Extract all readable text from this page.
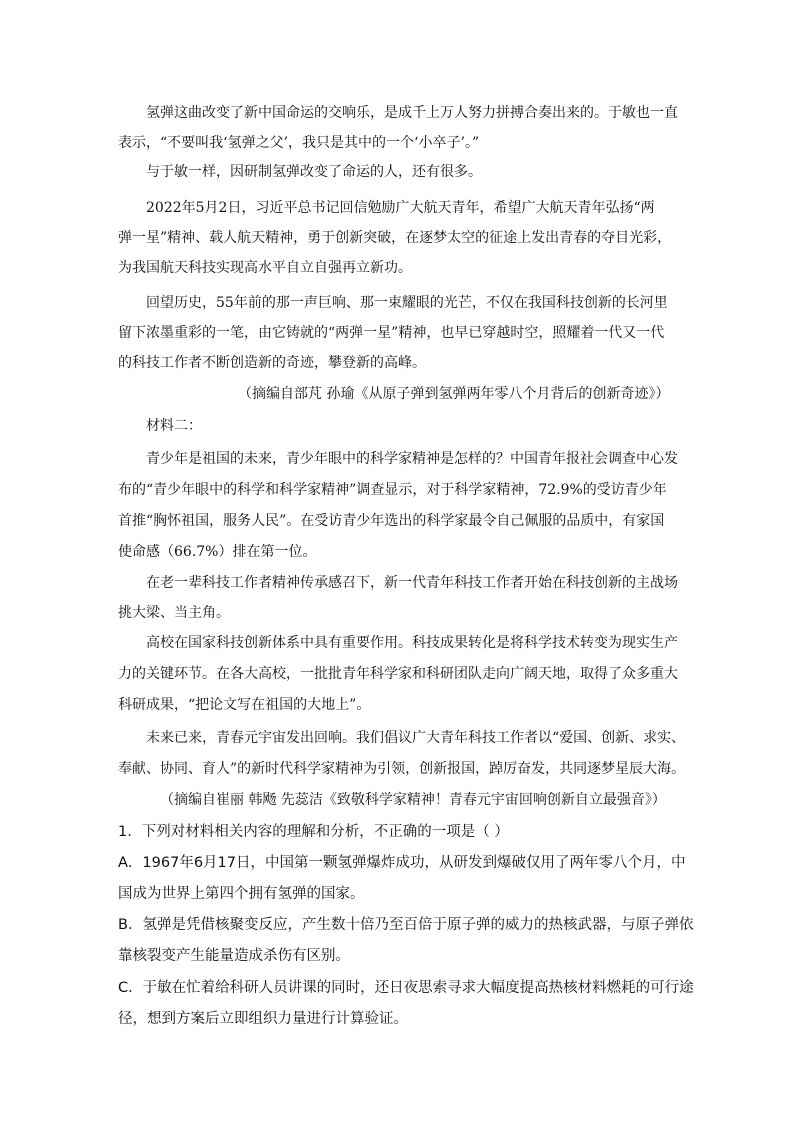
氢弹这曲改变了新中国命运的交响乐，是成千上万人努力拼搏合奏出来的。于敏也一直
表示，“不要叫我‘氢弹之父’，我只是其中的一个‘小卒子’。”
与于敏一样，因研制氢弹改变了命运的人，还有很多。
2022年5月2日，习近平总书记回信勉励广大航天青年，希望广大航天青年弘扬“两
弹一星”精神、载人航天精神，勇于创新突破，在逐梦太空的征途上发出青春的夺目光彩，
为我国航天科技实现高水平自立自强再立新功。
回望历史，55年前的那一声巨响、那一束耀眼的光芒，不仅在我国科技创新的长河里
留下浓墨重彩的一笔，由它铸就的“两弹一星”精神，也早已穿越时空，照耀着一代又一代
的科技工作者不断创造新的奇迹，攀登新的高峰。
（摘编自部芃 孙瑜《从原子弹到氢弹两年零八个月背后的创新奇迹》）
材料二：
青少年是祖国的未来，青少年眼中的科学家精神是怎样的？中国青年报社会调查中心发
布的“青少年眼中的科学和科学家精神”调查显示，对于科学家精神，72.9%的受访青少年
首推“胸怀祖国，服务人民”。在受访青少年选出的科学家最令自己佩服的品质中，有家国
使命感（66.7%）排在第一位。
在老一辈科技工作者精神传承感召下，新一代青年科技工作者开始在科技创新的主战场
挑大梁、当主角。
高校在国家科技创新体系中具有重要作用。科技成果转化是将科学技术转变为现实生产
力的关键环节。在各大高校，一批批青年科学家和科研团队走向广阔天地，取得了众多重大
科研成果，“把论文写在祖国的大地上”。
未来已来，青春元宇宙发出回响。我们倡议广大青年科技工作者以“爱国、创新、求实、
奉献、协同、育人”的新时代科学家精神为引领，创新报国，踔厉奋发，共同逐梦星辰大海。
（摘编自崔丽 韩飏 先蕊洁《致敬科学家精神！青春元宇宙回响创新自立最强音》）
1．下列对材料相关内容的理解和分析，不正确的一项是（ ）
A．1967年6月17日，中国第一颗氢弹爆炸成功，从研发到爆破仅用了两年零八个月，中
国成为世界上第四个拥有氢弹的国家。
B．氢弹是凭借核聚变反应，产生数十倍乃至百倍于原子弹的威力的热核武器，与原子弹依
靠核裂变产生能量造成杀伤有区别。
C．于敏在忙着给科研人员讲课的同时，还日夜思索寻求大幅度提高热核材料燃耗的可行途
径，想到方案后立即组织力量进行计算验证。
